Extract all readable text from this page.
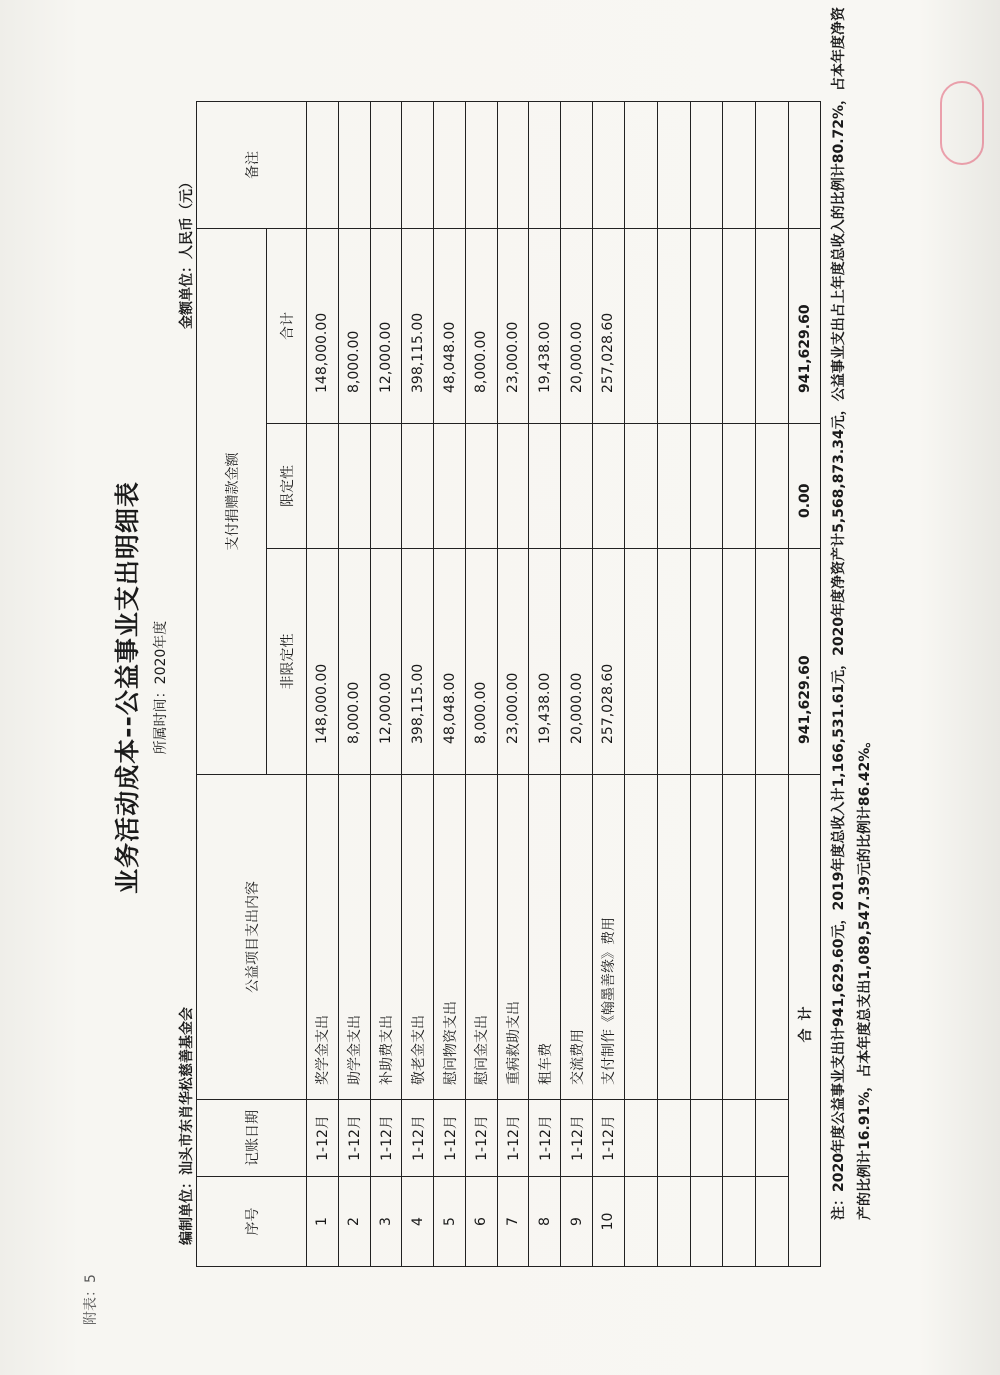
附表：5
业务活动成本--公益事业支出明细表 所属时间：2020年度
编制单位：汕头市东肖华松慈善基金会
金额单位：人民币（元）
序号	记账日期	公益项目支出内容	支付捐赠款金额			备注
			非限定性	限定性	合计	
1	1-12月	奖学金支出	148,000.00		148,000.00	
2	1-12月	助学金支出	8,000.00		8,000.00	
3	1-12月	补助费支出	12,000.00		12,000.00	
4	1-12月	敬老金支出	398,115.00		398,115.00	
5	1-12月	慰问物资支出	48,048.00		48,048.00	
6	1-12月	慰问金支出	8,000.00		8,000.00	
7	1-12月	重病救助支出	23,000.00		23,000.00	
8	1-12月	租车费	19,438.00		19,438.00	
9	1-12月	交流费用	20,000.00		20,000.00	
10	1-12月	支付制作《翰墨善缘》费用	257,028.60		257,028.60	

合计			941,629.60	0.00	941,629.60		注：2020年度公益事业支出计941,629.60元，2019年度总收入计1,166,531.61元，2020年度净资产计5,568,873.34元，公益事业支出占上年度总收入的比例计80.72%，占本年度净资产的比例计16.91%，占本年度总支出1,089,547.39元的比例计86.42%。
